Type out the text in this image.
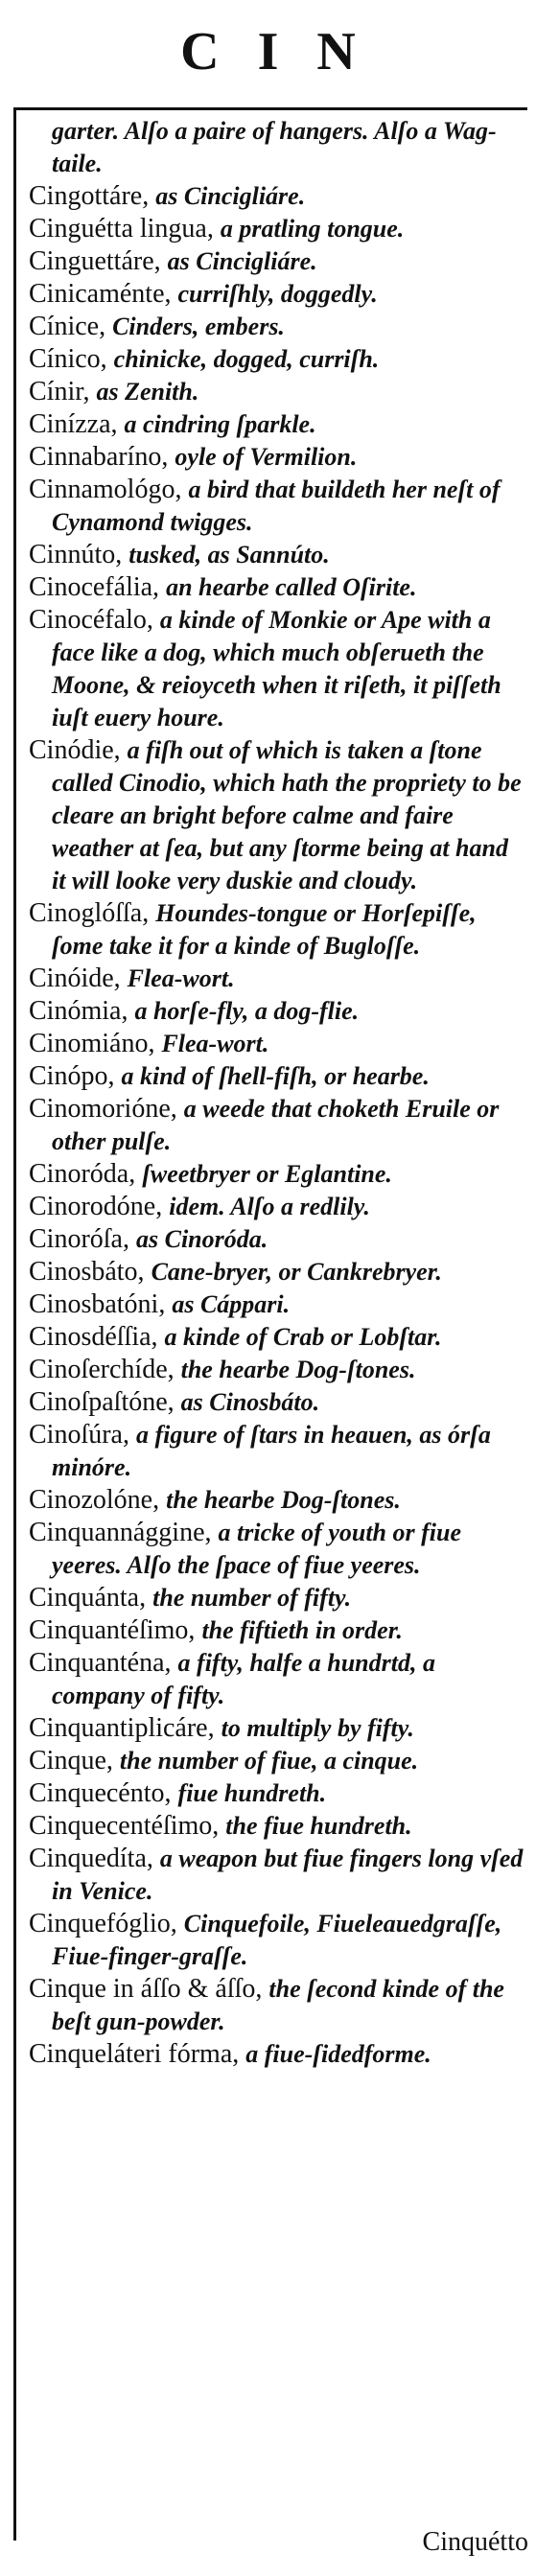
CIN

garter. Alſo a paire of hangers. Alſo a Wag-taile.

Cingottáre, as Cincigliáre.

Cinguétta lingua, a pratling tongue.

Cinguettáre, as Cincigliáre.

Cinicaménte, curriſhly, doggedly.

Cínice, Cinders, embers.

Cínico, chinicke, dogged, curriſh.

Cínir, as Zenith.

Cinízza, a cindring ſparkle.

Cinnabaríno, oyle of Vermilion.

Cinnamológo, a bird that buildeth her neſt of Cynamond twigges.

Cinnúto, tusked, as Sannúto.

Cinocefália, an hearbe called Oſirite.

Cinocéfalo, a kinde of Monkie or Ape with a face like a dog, which much obſerueth the Moone, & reioyceth when it riſeth, it piſſeth iuſt euery houre.

Cinódie, a fiſh out of which is taken a ſtone called Cinodio, which hath the propriety to be cleare an bright before calme and faire weather at ſea, but any ſtorme being at hand it will looke very duskie and cloudy.

Cinoglóſſa, Houndes-tongue or Horſepiſſe, ſome take it for a kinde of Bugloſſe.

Cinóide, Flea-wort.

Cinómia, a horſe-fly, a dog-flie.

Cinomiáno, Flea-wort.

Cinópo, a kind of ſhell-fiſh, or hearbe.

Cinomorióne, a weede that choketh Eruile or other pulſe.

Cinoróda, ſweetbryer or Eglantine.

Cinorodóne, idem. Alſo a redlily.

Cinoróſa, as Cinoróda.

Cinosbáto, Cane-bryer, or Cankrebryer.

Cinosbatóni, as Cáppari.

Cinosdéſſia, a kinde of Crab or Lobſtar.

Cinoſerchíde, the hearbe Dog-ſtones.

Cinoſpaſtóne, as Cinosbáto.

Cinoſúra, a figure of ſtars in heauen, as órſa minóre.

Cinozolóne, the hearbe Dog-ſtones.

Cinquannággine, a tricke of youth or fiue yeeres. Alſo the ſpace of fiue yeeres.

Cinquánta, the number of fifty.

Cinquantéſimo, the fiftieth in order.

Cinquanténa, a fifty, halfe a hundrtd, a company of fifty.

Cinquantiplicáre, to multiply by fifty.

Cinque, the number of fiue, a cinque.

Cinquecénto, fiue hundreth.

Cinquecentéſimo, the fiue hundreth.

Cinquedíta, a weapon but fiue fingers long vſed in Venice.

Cinquefóglio, Cinquefoile, Fiueleauedgraſſe, Fiue-finger-graſſe.

Cinque in áſſo & áſſo, the ſecond kinde of the beſt gun-powder.

Cinqueláteri fórma, a fiue-ſidedforme.

Cinquétto
